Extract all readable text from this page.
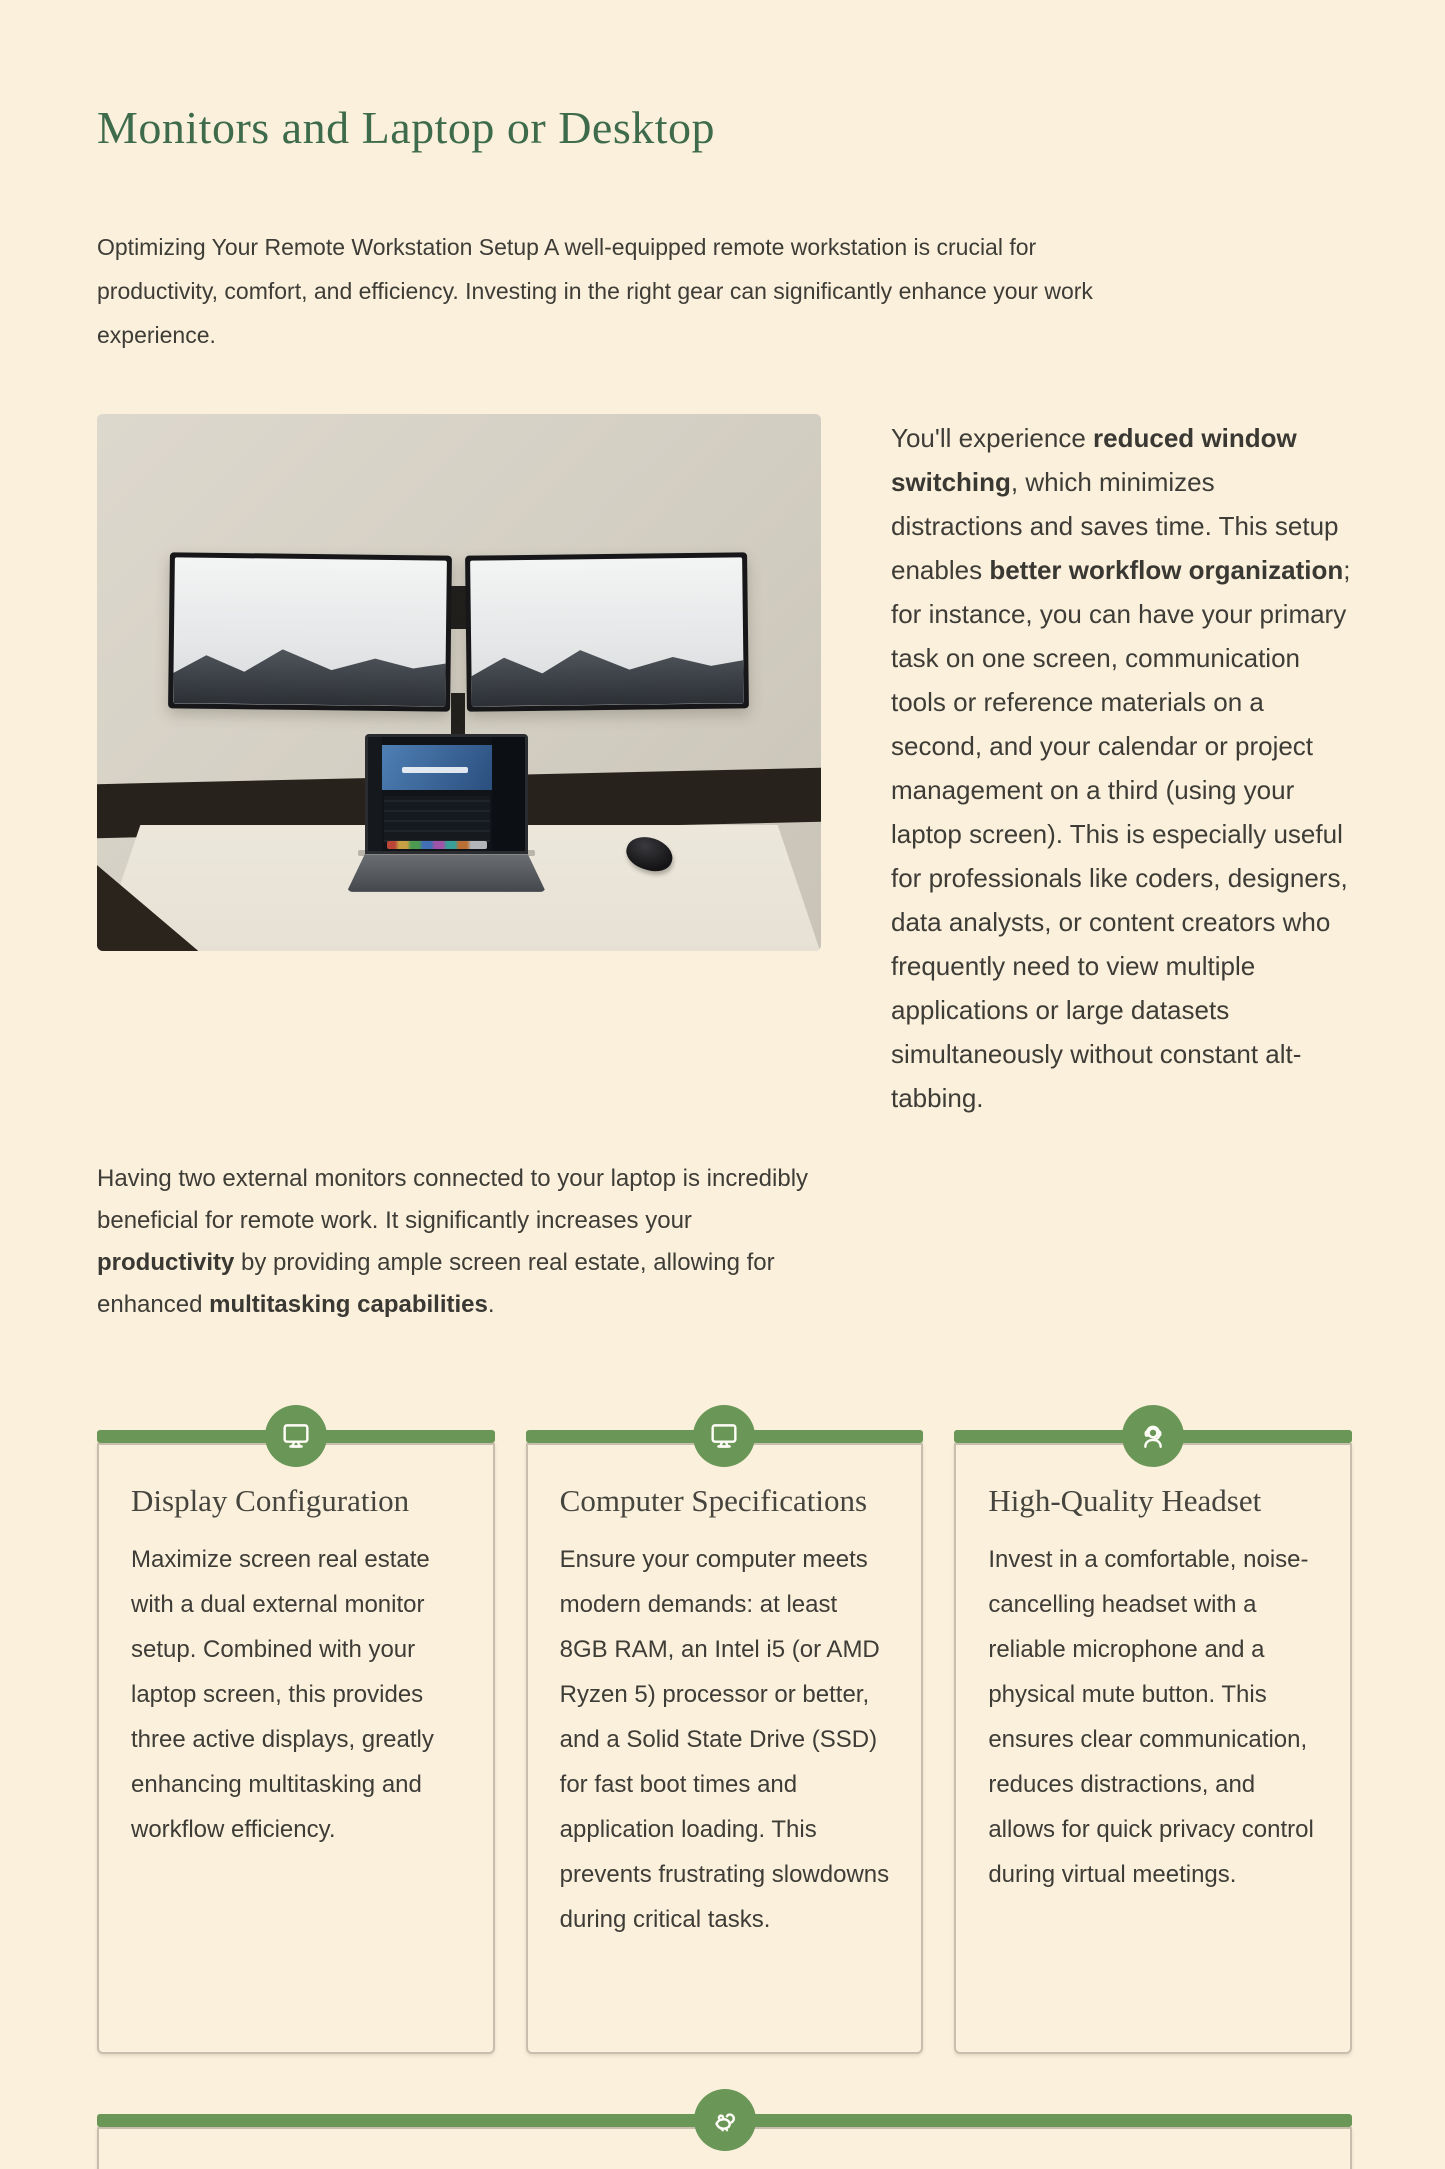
Monitors and Laptop or Desktop

Optimizing Your Remote Workstation Setup A well-equipped remote workstation is crucial for productivity, comfort, and efficiency. Investing in the right gear can significantly enhance your work experience.

You'll experience reduced window switching, which minimizes distractions and saves time. This setup enables better workflow organization; for instance, you can have your primary task on one screen, communication tools or reference materials on a second, and your calendar or project management on a third (using your laptop screen). This is especially useful for professionals like coders, designers, data analysts, or content creators who frequently need to view multiple applications or large datasets simultaneously without constant alt-tabbing.

Having two external monitors connected to your laptop is incredibly beneficial for remote work. It significantly increases your productivity by providing ample screen real estate, allowing for enhanced multitasking capabilities.

Display Configuration

Maximize screen real estate with a dual external monitor setup. Combined with your laptop screen, this provides three active displays, greatly enhancing multitasking and workflow efficiency.

Computer Specifications

Ensure your computer meets modern demands: at least 8GB RAM, an Intel i5 (or AMD Ryzen 5) processor or better, and a Solid State Drive (SSD) for fast boot times and application loading. This prevents frustrating slowdowns during critical tasks.

High-Quality Headset

Invest in a comfortable, noise-cancelling headset with a reliable microphone and a physical mute button. This ensures clear communication, reduces distractions, and allows for quick privacy control during virtual meetings.
